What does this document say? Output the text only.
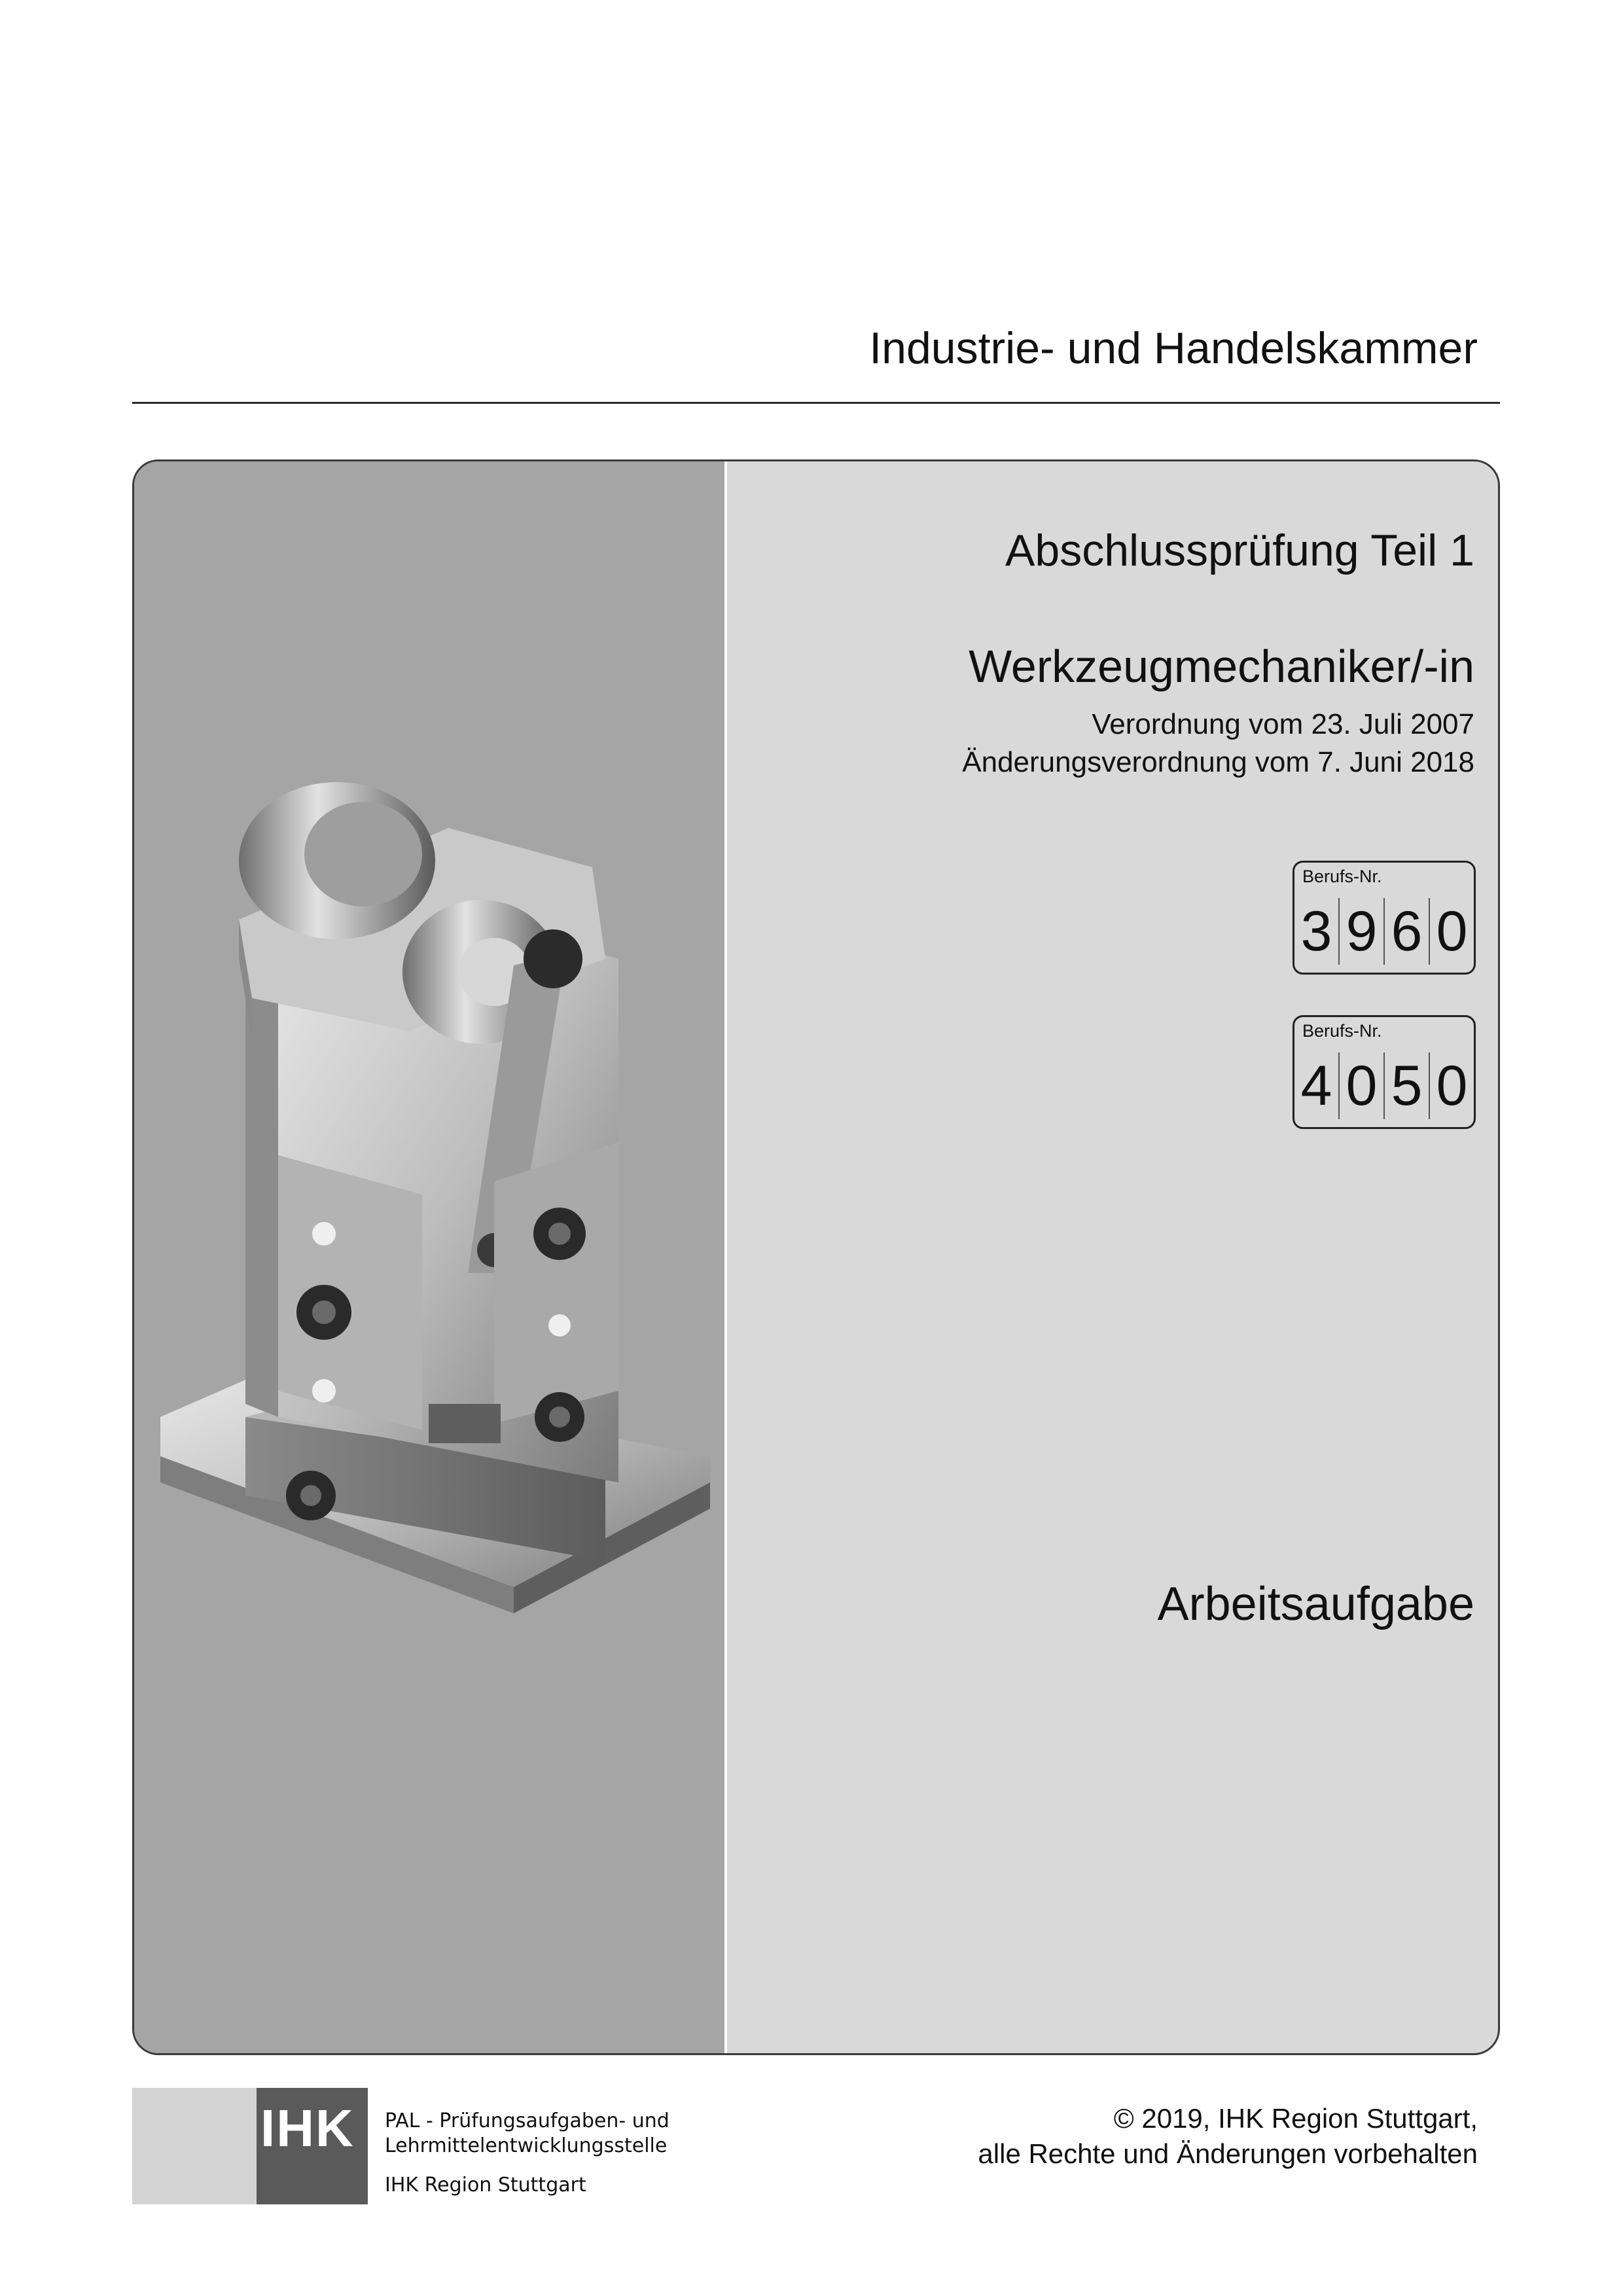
Industrie- und Handelskammer
Abschlussprüfung Teil 1
Werkzeugmechaniker/-in
Verordnung vom 23. Juli 2007
Änderungsverordnung vom 7. Juni 2018
Berufs-Nr.
3 9 6 0
Berufs-Nr.
4 0 5 0
Arbeitsaufgabe
IHK PAL - Prüfungsaufgaben- und
Lehrmittelentwicklungsstelle
IHK Region Stuttgart
© 2019, IHK Region Stuttgart,
alle Rechte und Änderungen vorbehalten
